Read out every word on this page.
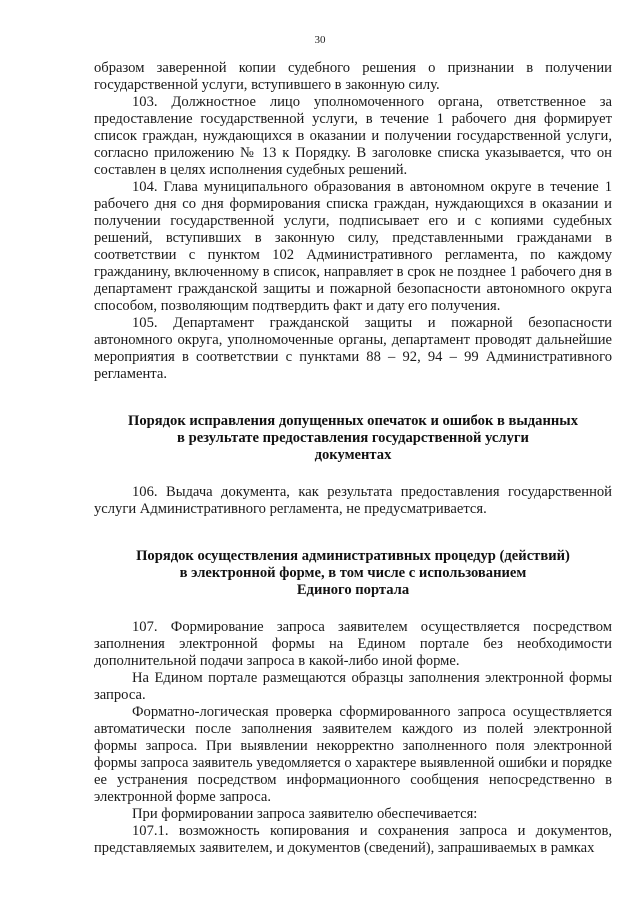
30

образом заверенной копии судебного решения о признании в получении государственной услуги, вступившего в законную силу.

103. Должностное лицо уполномоченного органа, ответственное за предоставление государственной услуги, в течение 1 рабочего дня формирует список граждан, нуждающихся в оказании и получении государственной услуги, согласно приложению № 13 к Порядку. В заголовке списка указывается, что он составлен в целях исполнения судебных решений.

104. Глава муниципального образования в автономном округе в течение 1 рабочего дня со дня формирования списка граждан, нуждающихся в оказании и получении государственной услуги, подписывает его и с копиями судебных решений, вступивших в законную силу, представленными гражданами в соответствии с пунктом 102 Административного регламента, по каждому гражданину, включенному в список, направляет в срок не позднее 1 рабочего дня в департамент гражданской защиты и пожарной безопасности автономного округа способом, позволяющим подтвердить факт и дату его получения.

105. Департамент гражданской защиты и пожарной безопасности автономного округа, уполномоченные органы, департамент проводят дальнейшие мероприятия в соответствии с пунктами 88 – 92, 94 – 99 Административного регламента.

Порядок исправления допущенных опечаток и ошибок в выданных
в результате предоставления государственной услуги
документах

106. Выдача документа, как результата предоставления государственной услуги Административного регламента, не предусматривается.

Порядок осуществления административных процедур (действий)
в электронной форме, в том числе с использованием
Единого портала

107. Формирование запроса заявителем осуществляется посредством заполнения электронной формы на Едином портале без необходимости дополнительной подачи запроса в какой-либо иной форме.

На Едином портале размещаются образцы заполнения электронной формы запроса.

Форматно-логическая проверка сформированного запроса осуществляется автоматически после заполнения заявителем каждого из полей электронной формы запроса. При выявлении некорректно заполненного поля электронной формы запроса заявитель уведомляется о характере выявленной ошибки и порядке ее устранения посредством информационного сообщения непосредственно в электронной форме запроса.

При формировании запроса заявителю обеспечивается:

107.1. возможность копирования и сохранения запроса и документов, представляемых заявителем, и документов (сведений), запрашиваемых в рамках
